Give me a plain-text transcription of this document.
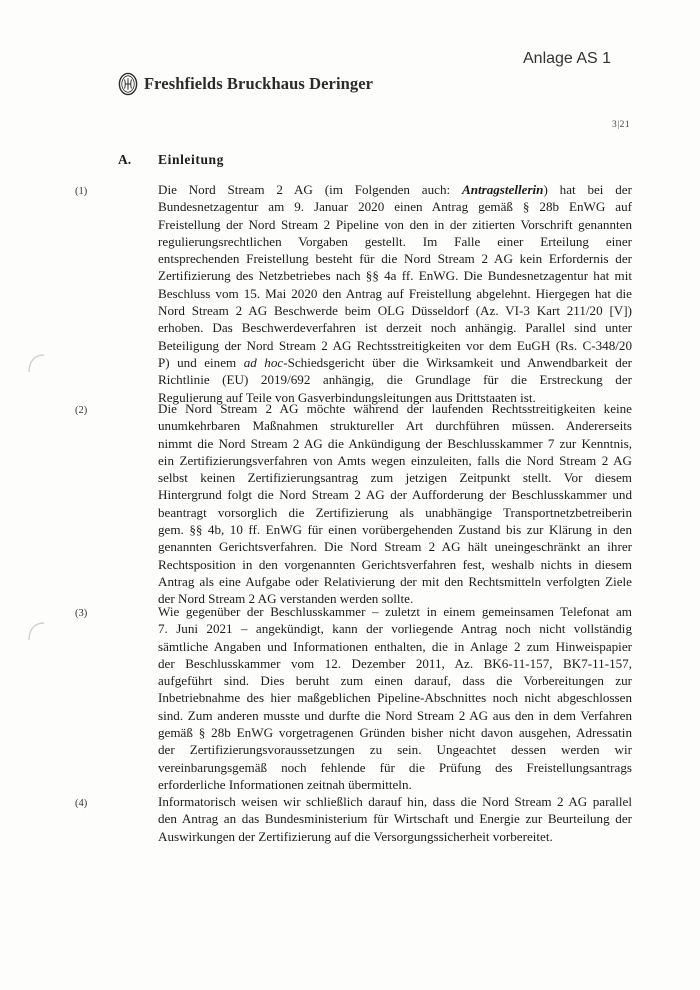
Anlage AS 1
Freshfields Bruckhaus Deringer
3|21
A. Einleitung
(1)
(2)
(3)
(4)
Die Nord Stream 2 AG (im Folgenden auch: Antragstellerin) hat bei der
Bundesnetzagentur am 9. Januar 2020 einen Antrag gemäß § 28b EnWG auf
Freistellung der Nord Stream 2 Pipeline von den in der zitierten Vorschrift genannten
regulierungsrechtlichen Vorgaben gestellt. Im Falle einer Erteilung einer
entsprechenden Freistellung besteht für die Nord Stream 2 AG kein Erfordernis der
Zertifizierung des Netzbetriebes nach §§ 4a ff. EnWG. Die Bundesnetzagentur hat mit
Beschluss vom 15. Mai 2020 den Antrag auf Freistellung abgelehnt. Hiergegen hat die
Nord Stream 2 AG Beschwerde beim OLG Düsseldorf (Az. VI-3 Kart 211/20 [V])
erhoben. Das Beschwerdeverfahren ist derzeit noch anhängig. Parallel sind unter
Beteiligung der Nord Stream 2 AG Rechtsstreitigkeiten vor dem EuGH (Rs. C-348/20
P) und einem ad hoc-Schiedsgericht über die Wirksamkeit und Anwendbarkeit der
Richtlinie (EU) 2019/692 anhängig, die Grundlage für die Erstreckung der
Regulierung auf Teile von Gasverbindungsleitungen aus Drittstaaten ist.
Die Nord Stream 2 AG möchte während der laufenden Rechtsstreitigkeiten keine
unumkehrbaren Maßnahmen struktureller Art durchführen müssen. Andererseits
nimmt die Nord Stream 2 AG die Ankündigung der Beschlusskammer 7 zur Kenntnis,
ein Zertifizierungsverfahren von Amts wegen einzuleiten, falls die Nord Stream 2 AG
selbst keinen Zertifizierungsantrag zum jetzigen Zeitpunkt stellt. Vor diesem
Hintergrund folgt die Nord Stream 2 AG der Aufforderung der Beschlusskammer und
beantragt vorsorglich die Zertifizierung als unabhängige Transportnetzbetreiberin
gem. §§ 4b, 10 ff. EnWG für einen vorübergehenden Zustand bis zur Klärung in den
genannten Gerichtsverfahren. Die Nord Stream 2 AG hält uneingeschränkt an ihrer
Rechtsposition in den vorgenannten Gerichtsverfahren fest, weshalb nichts in diesem
Antrag als eine Aufgabe oder Relativierung der mit den Rechtsmitteln verfolgten Ziele
der Nord Stream 2 AG verstanden werden sollte.
Wie gegenüber der Beschlusskammer – zuletzt in einem gemeinsamen Telefonat am
7. Juni 2021 – angekündigt, kann der vorliegende Antrag noch nicht vollständig
sämtliche Angaben und Informationen enthalten, die in Anlage 2 zum Hinweispapier
der Beschlusskammer vom 12. Dezember 2011, Az. BK6-11-157, BK7-11-157,
aufgeführt sind. Dies beruht zum einen darauf, dass die Vorbereitungen zur
Inbetriebnahme des hier maßgeblichen Pipeline-Abschnittes noch nicht abgeschlossen
sind. Zum anderen musste und durfte die Nord Stream 2 AG aus den in dem Verfahren
gemäß § 28b EnWG vorgetragenen Gründen bisher nicht davon ausgehen, Adressatin
der Zertifizierungsvoraussetzungen zu sein. Ungeachtet dessen werden wir
vereinbarungsgemäß noch fehlende für die Prüfung des Freistellungsantrags
erforderliche Informationen zeitnah übermitteln.
Informatorisch weisen wir schließlich darauf hin, dass die Nord Stream 2 AG parallel
den Antrag an das Bundesministerium für Wirtschaft und Energie zur Beurteilung der
Auswirkungen der Zertifizierung auf die Versorgungssicherheit vorbereitet.
